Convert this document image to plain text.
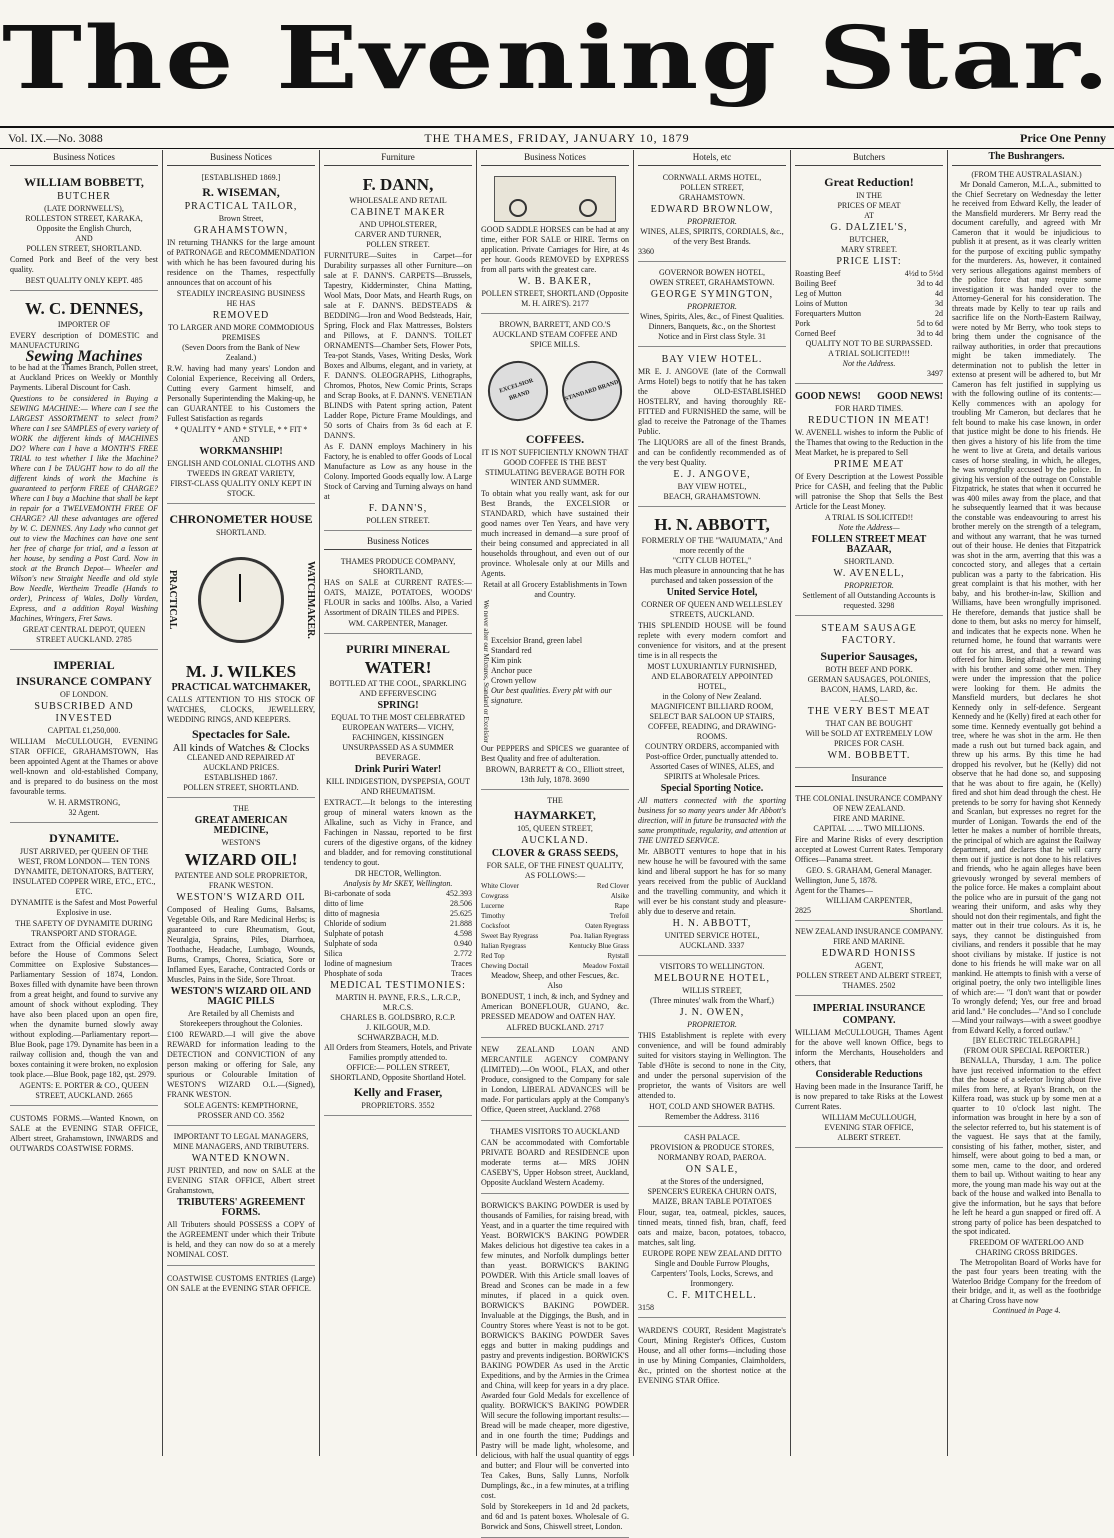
The Evening Star.
Vol. IX.—No. 3088	THE THAMES, FRIDAY, JANUARY 10, 1879	Price One Penny
Business Notices
WILLIAM BOBBETT,
BUTCHER
(LATE DORNWELL'S),
ROLLESTON STREET, KARAKA,
Opposite the English Church,
AND
POLLEN STREET, SHORTLAND.

Corned Pork and Beef of the very best quality.

BEST QUALITY ONLY KEPT. 485
W. C. DENNES,
IMPORTER OF

EVERY description of DOMESTIC and MANUFACTURING

Sewing Machines

to be had at the Thames Branch, Pollen street, at Auckland Prices on Weekly or Monthly Payments. Liberal Discount for Cash.

Questions to be considered in Buying a SEWING MACHINE:— Where can I see the LARGEST ASSORTMENT to select from? Where can I see SAMPLES of every variety of WORK the different kinds of MACHINES DO? Where can I have a MONTH'S FREE TRIAL to test whether I like the Machine? Where can I be TAUGHT how to do all the different kinds of work the Machine is guaranteed to perform FREE of CHARGE? Where can I buy a Machine that shall be kept in repair for a TWELVEMONTH FREE OF CHARGE? All these advantages are offered by W. C. DENNES. Any Lady who cannot get out to view the Machines can have one sent her free of charge for trial, and a lesson at her house, by sending a Post Card. Now in stock at the Branch Depot— Wheeler and Wilson's new Straight Needle and old style Bow Needle, Wertheim Treadle (Hands to order), Princess of Wales, Dolly Varden, Express, and a addition Royal Washing Machines, Wringers, Fret Saws.

GREAT CENTRAL DEPOT, QUEEN STREET AUCKLAND. 2785
IMPERIAL
INSURANCE COMPANY
OF LONDON.
SUBSCRIBED AND INVESTED
CAPITAL £1,250,000.

WILLIAM McCULLOUGH, EVENING STAR OFFICE, GRAHAMSTOWN, Has been appointed Agent at the Thames or above well-known and old-established Company, and is prepared to do business on the most favourable terms.

W. H. ARMSTRONG,
32 Agent.
DYNAMITE.

JUST ARRIVED, per QUEEN OF THE WEST, FROM LONDON— TEN TONS DYNAMITE, DETONATORS, BATTERY, INSULATED COPPER WIRE, ETC., ETC., ETC.

DYNAMITE is the Safest and Most Powerful Explosive in use.

THE SAFETY OF DYNAMITE DURING TRANSPORT AND STORAGE.

Extract from the Official evidence given before the House of Commons Select Committee on Explosive Substances—Parliamentary Session of 1874, London. Boxes filled with dynamite have been thrown from a great height, and found to survive any amount of shock without exploding. They have also been placed upon an open fire, when the dynamite burned slowly away without exploding.—Parliamentary report—Blue Book, page 179. Dynamite has been in a railway collision and, though the van and boxes containing it were broken, no explosion took place.—Blue Book, page 182, qst. 2979.

AGENTS: E. PORTER & CO., QUEEN STREET, AUCKLAND. 2665

CUSTOMS FORMS.—Wanted Known, on SALE at the EVENING STAR OFFICE, Albert street, Grahamstown, INWARDS and OUTWARDS COASTWISE FORMS.

Business Notices
[ESTABLISHED 1869.]
R. WISEMAN,
PRACTICAL TAILOR,
Brown Street,
GRAHAMSTOWN,

IN returning THANKS for the large amount of PATRONAGE and RECOMMENDATION with which he has been favoured during his residence on the Thames, respectfully announces that on account of his

STEADILY INCREASING BUSINESS
HE HAS
REMOVED
TO LARGER AND MORE COMMODIOUS PREMISES
(Seven Doors from the Bank of New Zealand.)

R.W. having had many years' London and Colonial Experience, Receiving all Orders, Cutting every Garment himself, and Personally Superintending the Making-up, he can GUARANTEE to his Customers the Fullest Satisfaction as regards

* QUALITY * AND * STYLE, * * FIT * AND
WORKMANSHIP!
ENGLISH AND COLONIAL CLOTHS AND TWEEDS IN GREAT VARIETY,
FIRST-CLASS QUALITY ONLY KEPT IN STOCK.
CHRONOMETER HOUSE
SHORTLAND.
PRACTICAL	WATCHMAKER.
M. J. WILKES
PRACTICAL WATCHMAKER,

CALLS ATTENTION TO HIS STOCK OF WATCHES, CLOCKS, JEWELLERY, WEDDING RINGS, AND KEEPERS.

Spectacles for Sale.
All kinds of Watches & Clocks
CLEANED AND REPAIRED AT AUCKLAND PRICES.
ESTABLISHED 1867.
POLLEN STREET, SHORTLAND.
THE
GREAT AMERICAN MEDICINE,
WESTON'S
WIZARD OIL!
PATENTEE AND SOLE PROPRIETOR, FRANK WESTON.
WESTON'S WIZARD OIL

Composed of Healing Gums, Balsams, Vegetable Oils, and Rare Medicinal Herbs; is guaranteed to cure Rheumatism, Gout, Neuralgia, Sprains, Piles, Diarrhoea, Toothache, Headache, Lumbago, Wounds, Burns, Cramps, Chorea, Sciatica, Sore or Inflamed Eyes, Earache, Contracted Cords or Muscles, Pains in the Side, Sore Throat.

WESTON'S WIZARD OIL AND MAGIC PILLS
Are Retailed by all Chemists and Storekeepers throughout the Colonies.

£100 REWARD.—I will give the above REWARD for information leading to the DETECTION and CONVICTION of any person making or offering for Sale, any spurious or Colourable Imitation of WESTON'S WIZARD O.L.—(Signed), FRANK WESTON.

SOLE AGENTS: KEMPTHORNE, PROSSER AND CO. 3562
IMPORTANT TO LEGAL MANAGERS, MINE MANAGERS, AND TRIBUTERS.
WANTED KNOWN.

JUST PRINTED, and now on SALE at the EVENING STAR OFFICE, Albert street Grahamstown,

TRIBUTERS' AGREEMENT FORMS.

All Tributers should POSSESS a COPY of the AGREEMENT under which their Tribute is held, and they can now do so at a merely NOMINAL COST.

COASTWISE CUSTOMS ENTRIES (Large) ON SALE at the EVENING STAR OFFICE.

Furniture
F. DANN,
WHOLESALE AND RETAIL
CABINET MAKER
AND UPHOLSTERER,
CARVER AND TURNER,
POLLEN STREET.

FURNITURE—Suites in Carpet—for Durability surpasses all other Furniture—on sale at F. DANN'S. CARPETS—Brussels, Tapestry, Kidderminster, China Matting, Wool Mats, Door Mats, and Hearth Rugs, on sale at F. DANN'S. BEDSTEADS & BEDDING—Iron and Wood Bedsteads, Hair, Spring, Flock and Flax Mattresses, Bolsters and Pillows, at F. DANN'S. TOILET ORNAMENTS—Chamber Sets, Flower Pots, Tea-pot Stands, Vases, Writing Desks, Work Boxes and Albums, elegant, and in variety, at F. DANN'S. OLEOGRAPHS, Lithographs, Chromos, Photos, New Comic Prints, Scraps and Scrap Books, at F. DANN'S. VENETIAN BLINDS with Patent spring action, Patent Ladder Rope, Picture Frame Mouldings, and 50 sorts of Chairs from 3s 6d each at F. DANN'S.

As F. DANN employs Machinery in his Factory, he is enabled to offer Goods of Local Manufacture as Low as any house in the Colony. Imported Goods equally low. A Large Stock of Carving and Turning always on hand at

F. DANN'S,
POLLEN STREET.
Business Notices
THAMES PRODUCE COMPANY, SHORTLAND,

HAS on SALE at CURRENT RATES:— OATS, MAIZE, POTATOES, WOODS' FLOUR in sacks and 100lbs. Also, a Varied Assortment of DRAIN TILES and PIPES.

WM. CARPENTER, Manager.
PURIRI MINERAL
WATER!
BOTTLED AT THE COOL, SPARKLING AND EFFERVESCING
SPRING!
EQUAL TO THE MOST CELEBRATED EUROPEAN WATERS— VICHY, FACHINGEN, KISSINGEN
UNSURPASSED AS A SUMMER BEVERAGE.
Drink Puriri Water!
KILL INDIGESTION, DYSPEPSIA, GOUT AND RHEUMATISM.

EXTRACT.—It belongs to the interesting group of mineral waters known as the Alkaline, such as Vichy in France, and Fachingen in Nassau, reported to be first curers of the digestive organs, of the kidney and bladder, and for removing constitutional tendency to gout.

DR HECTOR, Wellington.
Analysis by Mr SKEY, Wellington.
Bi-carbonate of soda	452.393
ditto of lime	28.506
ditto of magnesia	25.625
Chloride of sodium	21.888
Sulphate of potash	4.598
Sulphate of soda	0.940
Silica	2.772
Iodine of magnesium	Traces
Phosphate of soda	Traces
MEDICAL TESTIMONIES:
MARTIN H. PAYNE, F.R.S., L.R.C.P., M.R.C.S.
CHARLES B. GOLDSBRO, R.C.P.
J. KILGOUR, M.D.
SCHWARZBACH, M.D.
All Orders from Steamers, Hotels, and Private Families promptly attended to.
OFFICE:— POLLEN STREET, SHORTLAND, Opposite Shortland Hotel.
Kelly and Fraser,
PROPRIETORS. 3552
Business Notices

GOOD SADDLE HORSES can be had at any time, either FOR SALE or HIRE. Terms on application. Private Carriages for Hire, at 4s per hour. Goods REMOVED by EXPRESS from all parts with the greatest care.

W. B. BAKER,
POLLEN STREET, SHORTLAND (Opposite M. H. AIRE'S). 2177
BROWN, BARRETT, AND CO.'S AUCKLAND STEAM COFFEE AND SPICE MILLS.
EXCELSIOR BRAND	STANDARD BRAND
COFFEES.
IT IS NOT SUFFICIENTLY KNOWN THAT GOOD COFFEE IS THE BEST STIMULATING BEVERAGE BOTH FOR WINTER AND SUMMER.

To obtain what you really want, ask for our Best Brands, the EXCELSIOR or STANDARD, which have sustained their good names over Ten Years, and have very much increased in demand—a sure proof of their being consumed and appreciated in all households throughout, and even out of our province. Wholesale only at our Mills and Agents.

Retail at all Grocery Establishments in Town and Country.
We never alter our Mixtures, Standard or Excelsior Excelsior Brand, green label
Standard red
Kim pink
Anchor puce
Crown yellow
Our best qualities. Every pkt with our signature.

Our PEPPERS and SPICES we guarantee of Best Quality and free of adulteration.

BROWN, BARRETT & CO., Elliott street, 13th July, 1878. 3690
THE
HAYMARKET,
105, QUEEN STREET,
AUCKLAND.
CLOVER & GRASS SEEDS,
FOR SALE, OF THE FINEST QUALITY,
AS FOLLOWS:—
White Clover	Red Clover
Cowgrass	Alsike
Lucerne	Rape
Timothy	Trefoil
Cocksfoot	Oaten Ryegrass
Sweet Bay Ryegrass	Poa. Italian Ryegrass
Italian Ryegrass	Kentucky Blue Grass
Red Top	Rytstall
Chewing Doctail	Meadow Foxtail
Meadow, Sheep, and other Fescues, &c.
Also

BONEDUST, 1 inch, & inch, and Sydney and American BONEFLOUR, GUANO, &c. PRESSED MEADOW and OATEN HAY.

ALFRED BUCKLAND. 2717

NEW ZEALAND LOAN AND MERCANTILE AGENCY COMPANY (LIMITED).—On WOOL, FLAX, and other Produce, consigned to the Company for sale in London, LIBERAL ADVANCES will be made. For particulars apply at the Company's Office, Queen street, Auckland. 2768

THAMES VISITORS TO AUCKLAND

CAN be accommodated with Comfortable PRIVATE BOARD and RESIDENCE upon moderate terms at— MRS JOHN CASEBY'S, Upper Hobson street, Auckland, Opposite Auckland Western Academy.

BORWICK'S BAKING POWDER is used by thousands of Families, for raising bread, with Yeast, and in a quarter the time required with Yeast. BORWICK'S BAKING POWDER Makes delicious hot digestive tea cakes in a few minutes, and Norfolk dumplings better than yeast. BORWICK'S BAKING POWDER. With this Article small loaves of Bread and Scones can be made in a few minutes, if placed in a quick oven. BORWICK'S BAKING POWDER. Invaluable at the Diggings, the Bush, and in Country Stores where Yeast is not to be got. BORWICK'S BAKING POWDER Saves eggs and butter in making puddings and pastry and prevents indigestion. BORWICK'S BAKING POWDER As used in the Arctic Expeditions, and by the Armies in the Crimea and China, will keep for years in a dry place. Awarded four Gold Medals for excellence of quality. BORWICK'S BAKING POWDER Will secure the following important results:—Bread will be made cheaper, more digestive, and in one fourth the time; Puddings and Pastry will be made light, wholesome, and delicious, with half the usual quantity of eggs and butter; and Flour will be converted into Tea Cakes, Buns, Sally Lunns, Norfolk Dumplings, &c., in a few minutes, at a trifling cost.

Sold by Storekeepers in 1d and 2d packets, and 6d and 1s patent boxes. Wholesale of G. Borwick and Sons, Chiswell street, London.

Hotels, etc
CORNWALL ARMS HOTEL,
POLLEN STREET,
GRAHAMSTOWN.
EDWARD BROWNLOW,
PROPRIETOR.
WINES, ALES, SPIRITS, CORDIALS, &c., of the very Best Brands.
3360
GOVERNOR BOWEN HOTEL,
OWEN STREET, GRAHAMSTOWN.
GEORGE SYMINGTON,
PROPRIETOR.
Wines, Spirits, Ales, &c., of Finest Qualities.
Dinners, Banquets, &c., on the Shortest Notice and in First class Style. 31
BAY VIEW HOTEL.

MR E. J. ANGOVE (late of the Cornwall Arms Hotel) begs to notify that he has taken the above OLD-ESTABLISHED HOSTELRY, and having thoroughly RE-FITTED and FURNISHED the same, will be glad to receive the Patronage of the Thames Public.

The LIQUORS are all of the finest Brands, and can be confidently recommended as of the very best Quality.

E. J. ANGOVE,
BAY VIEW HOTEL,
BEACH, GRAHAMSTOWN.
H. N. ABBOTT,
FORMERLY OF THE "WAIUMATA," And more recently of the
"CITY CLUB HOTEL,"
Has much pleasure in announcing that he has purchased and taken possession of the
United Service Hotel,
CORNER OF QUEEN AND WELLESLEY STREETS, AUCKLAND.

THIS SPLENDID HOUSE will be found replete with every modern comfort and convenience for visitors, and at the present time is in all respects the

MOST LUXURIANTLY FURNISHED,
AND ELABORATELY APPOINTED HOTEL,
in the Colony of New Zealand.
MAGNIFICENT BILLIARD ROOM,
SELECT BAR SALOON UP STAIRS,
COFFEE, READING, and DRAWING-ROOMS.
COUNTRY ORDERS, accompanied with Post-office Order, punctually attended to.
Assorted Cases of WINES, ALES, and SPIRITS at Wholesale Prices.
Special Sporting Notice.

All matters connected with the sporting business for so many years under Mr Abbott's direction, will in future be transacted with the same promptitude, regularity, and attention at THE UNITED SERVICE.

Mr. ABBOTT ventures to hope that in his new house he will be favoured with the same kind and liberal support he has for so many years received from the public of Auckland and the travelling community, and which it will ever be his constant study and pleasure-ably due to deserve and retain.

H. N. ABBOTT,
UNITED SERVICE HOTEL,
AUCKLAND. 3337
VISITORS TO WELLINGTON.
MELBOURNE HOTEL,
WILLIS STREET,
(Three minutes' walk from the Wharf,)
J. N. OWEN,
PROPRIETOR.

THIS Establishment is replete with every convenience, and will be found admirably suited for visitors staying in Wellington. The Table d'Hôte is second to none in the City, and under the personal supervision of the proprietor, the wants of Visitors are well attended to.

HOT, COLD AND SHOWER BATHS.
Remember the Address. 3116
CASH PALACE.
PROVISION & PRODUCE STORES,
NORMANBY ROAD, PAEROA.
ON SALE,
at the Stores of the undersigned,
SPENCER'S EUREKA CHURN OATS, MAIZE, BRAN TABLE POTATOES

Flour, sugar, tea, oatmeal, pickles, sauces, tinned meats, tinned fish, bran, chaff, feed oats and maize, bacon, potatoes, tobacco, matches, salt ling.

EUROPE ROPE NEW ZEALAND DITTO
Single and Double Furrow Ploughs, Carpenters' Tools, Locks, Screws, and Ironmongery.
C. F. MITCHELL.
3158

WARDEN'S COURT, Resident Magistrate's Court, Mining Register's Offices, Custom House, and all other forms—including those in use by Mining Companies, Claimholders, &c., printed on the shortest notice at the EVENING STAR Office.

Butchers
Great Reduction!
IN THE
PRICES OF MEAT
AT
G. DALZIEL'S,
BUTCHER,
MARY STREET.
PRICE LIST:
Roasting Beef	4½d to 5½d
Boiling Beef	3d to 4d
Leg of Mutton	4d
Loins of Mutton	3d
Forequarters Mutton	2d
Pork	5d to 6d
Corned Beef	3d to 4d
QUALITY NOT TO BE SURPASSED.
A TRIAL SOLICITED!!!
Not the Address.
3497
GOOD NEWS! GOOD NEWS!
FOR HARD TIMES.
REDUCTION IN MEAT!

W. AVENELL wishes to inform the Public of the Thames that owing to the Reduction in the Meat Market, he is prepared to Sell

PRIME MEAT

Of Every Description at the Lowest Possible Price for CASH, and feeling that the Public will patronise the Shop that Sells the Best Article for the Least Money.

A TRIAL IS SOLICITED!!
Note the Address—
FOLLEN STREET MEAT BAZAAR,
SHORTLAND.
W. AVENELL,
PROPRIETOR.
Settlement of all Outstanding Accounts is requested. 3298
STEAM SAUSAGE FACTORY.
Superior Sausages,
BOTH BEEF AND PORK.
GERMAN SAUSAGES, POLONIES,
BACON, HAMS, LARD, &c.
—ALSO—
THE VERY BEST MEAT
THAT CAN BE BOUGHT
Will be SOLD AT EXTREMELY LOW
PRICES FOR CASH.
WM. BOBBETT.
Insurance
THE COLONIAL INSURANCE COMPANY OF NEW ZEALAND.
FIRE AND MARINE.
CAPITAL ... ... TWO MILLIONS.

Fire and Marine Risks of every description accepted at Lowest Current Rates. Temporary Offices—Panama street.

GEO. S. GRAHAM, General Manager.
Wellington, June 5, 1878.
Agent for the Thames—
WILLIAM CARPENTER,
2825	Shortland.
NEW ZEALAND INSURANCE COMPANY.
FIRE AND MARINE.
EDWARD HONISS
AGENT,
POLLEN STREET AND ALBERT STREET, THAMES. 2502
IMPERIAL INSURANCE
COMPANY.

WILLIAM McCULLOUGH, Thames Agent for the above well known Office, begs to inform the Merchants, Householders and others, that

Considerable Reductions

Having been made in the Insurance Tariff, he is now prepared to take Risks at the Lowest Current Rates.

WILLIAM McCULLOUGH,
EVENING STAR OFFICE,
ALBERT STREET.
The Bushrangers.
(FROM THE AUSTRALASIAN.)

Mr Donald Cameron, M.L.A., submitted to the Chief Secretary on Wednesday the letter he received from Edward Kelly, the leader of the Mansfield murderers. Mr Berry read the document carefully, and agreed with Mr Cameron that it would be injudicious to publish it at present, as it was clearly written for the purpose of exciting public sympathy for the murderers. As, however, it contained very serious allegations against members of the police force that may require some investigation it was handed over to the Attorney-General for his consideration. The threats made by Kelly to tear up rails and sacrifice life on the North-Eastern Railway, were noted by Mr Berry, who took steps to bring them under the cognisance of the railway authorities, in order that precautions might be taken immediately. The determination not to publish the letter in extenso at present will be adhered to, but Mr Cameron has felt justified in supplying us with the following outline of its contents:— Kelly commences with an apology for troubling Mr Cameron, but declares that he felt bound to make his case known, in order that justice might be done to his friends. He then gives a history of his life from the time he went to live at Greta, and details various cases of horse stealing, in which, he alleges, he was wrongfully accused by the police. In giving his version of the outrage on Constable Fitzpatrick, he states that when it occurred he was 400 miles away from the place, and that he subsequently learned that it was because the constable was endeavouring to arrest his brother merely on the strength of a telegram, and without any warrant, that he was turned out of their house. He denies that Fitzpatrick was shot in the arm, averring that this was a concocted story, and alleges that a certain publican was a party to the fabrication. His great complaint is that his mother, with her baby, and his brother-in-law, Skillion and Williams, have been wrongfully imprisoned. He therefore, demands that justice shall be done to them, but asks no mercy for himself, and indicates that he expects none. When he returned home, he found that warrants were out for his arrest, and that a reward was offered for him. Being afraid, he went mining with his brother and some other men. They were under the impression that the police were looking for them. He admits the Mansfield murders, but declares he shot Kennedy only in self-defence. Sergeant Kennedy and he (Kelly) fired at each other for some time. Kennedy eventually got behind a tree, where he was shot in the arm. He then made a rush out but turned back again, and threw up his arms. By this time he had dropped his revolver, but he (Kelly) did not observe that he had done so, and supposing that he was about to fire again, he (Kelly) fired and shot him dead through the chest. He pretends to be sorry for having shot Kennedy and Scanlan, but expresses no regret for the murder of Lonigan. Towards the end of the letter he makes a number of horrible threats, the principal of which are against the Railway department, and declares that he will carry them out if justice is not done to his relatives and friends, who he again alleges have been grievously wronged by several members of the police force. He makes a complaint about the police who are in pursuit of the gang not wearing their uniform, and asks why they should not don their regimentals, and fight the matter out in their true colours. As it is, he says, they cannot be distinguished from civilians, and renders it possible that he may shoot civilians by mistake. If justice is not done to his friends he will make war on all mankind. He attempts to finish with a verse of original poetry, the only two intelligible lines of which are:— "I don't want that or powder To wrongly defend; Yes, our free and broad arid land." He concludes—"And so I conclude—Mind your railways—with a sweet goodbye from Edward Kelly, a forced outlaw."

[BY ELECTRIC TELEGRAPH.]
(FROM OUR SPECIAL REPORTER.)

BENALLA, Thursday, 1 a.m. The police have just received information to the effect that the house of a selector living about five miles from here, at Ryan's Branch, on the Kilfera road, was stuck up by some men at a quarter to 10 o'clock last night. The information was brought in here by a son of the selector referred to, but his statement is of the vaguest. He says that at the family, consisting of his father, mother, sister, and himself, were about going to bed a man, or some men, came to the door, and ordered them to bail up. Without waiting to hear any more, the young man made his way out at the back of the house and walked into Benalla to give the information, but he says that before he left he heard a gun snapped or fired off. A strong party of police has been despatched to the spot indicated.

FREEDOM OF WATERLOO AND CHARING CROSS BRIDGES.

The Metropolitan Board of Works have for the past four years been treating with the Waterloo Bridge Company for the freedom of their bridge, and it, as well as the footbridge at Charing Cross have now

Continued in Page 4.
